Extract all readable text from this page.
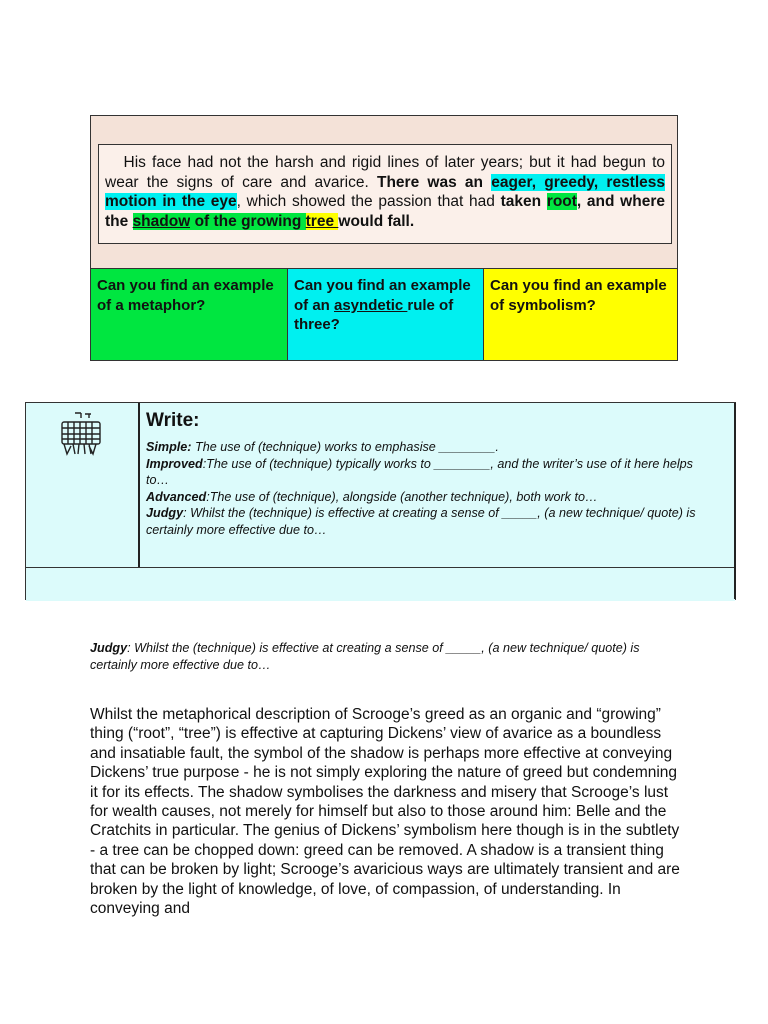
His face had not the harsh and rigid lines of later years; but it had begun to wear the signs of care and avarice. There was an eager, greedy, restless motion in the eye, which showed the passion that had taken root, and where the shadow of the growing tree would fall.
Can you find an example of a metaphor?
Can you find an example of an asyndetic rule of three?
Can you find an example of symbolism?
Write:

Simple: The use of (technique) works to emphasise ________.

Improved:The use of (technique) typically works to ________, and the writer’s use of it here helps to…

Advanced:The use of (technique), alongside (another technique), both work to…

Judgy: Whilst the (technique) is effective at creating a sense of _____, (a new technique/ quote) is certainly more effective due to…

Judgy: Whilst the (technique) is effective at creating a sense of _____, (a new technique/ quote) is certainly more effective due to…
Whilst the metaphorical description of Scrooge’s greed as an organic and “growing” thing (“root”, “tree”) is effective at capturing Dickens’ view of avarice as a boundless and insatiable fault, the symbol of the shadow is perhaps more effective at conveying Dickens’ true purpose - he is not simply exploring the nature of greed but condemning it for its effects. The shadow symbolises the darkness and misery that Scrooge’s lust for wealth causes, not merely for himself but also to those around him: Belle and the Cratchits in particular. The genius of Dickens’ symbolism here though is in the subtlety - a tree can be chopped down: greed can be removed. A shadow is a transient thing that can be broken by light; Scrooge’s avaricious ways are ultimately transient and are broken by the light of knowledge, of love, of compassion, of understanding. In conveying and
